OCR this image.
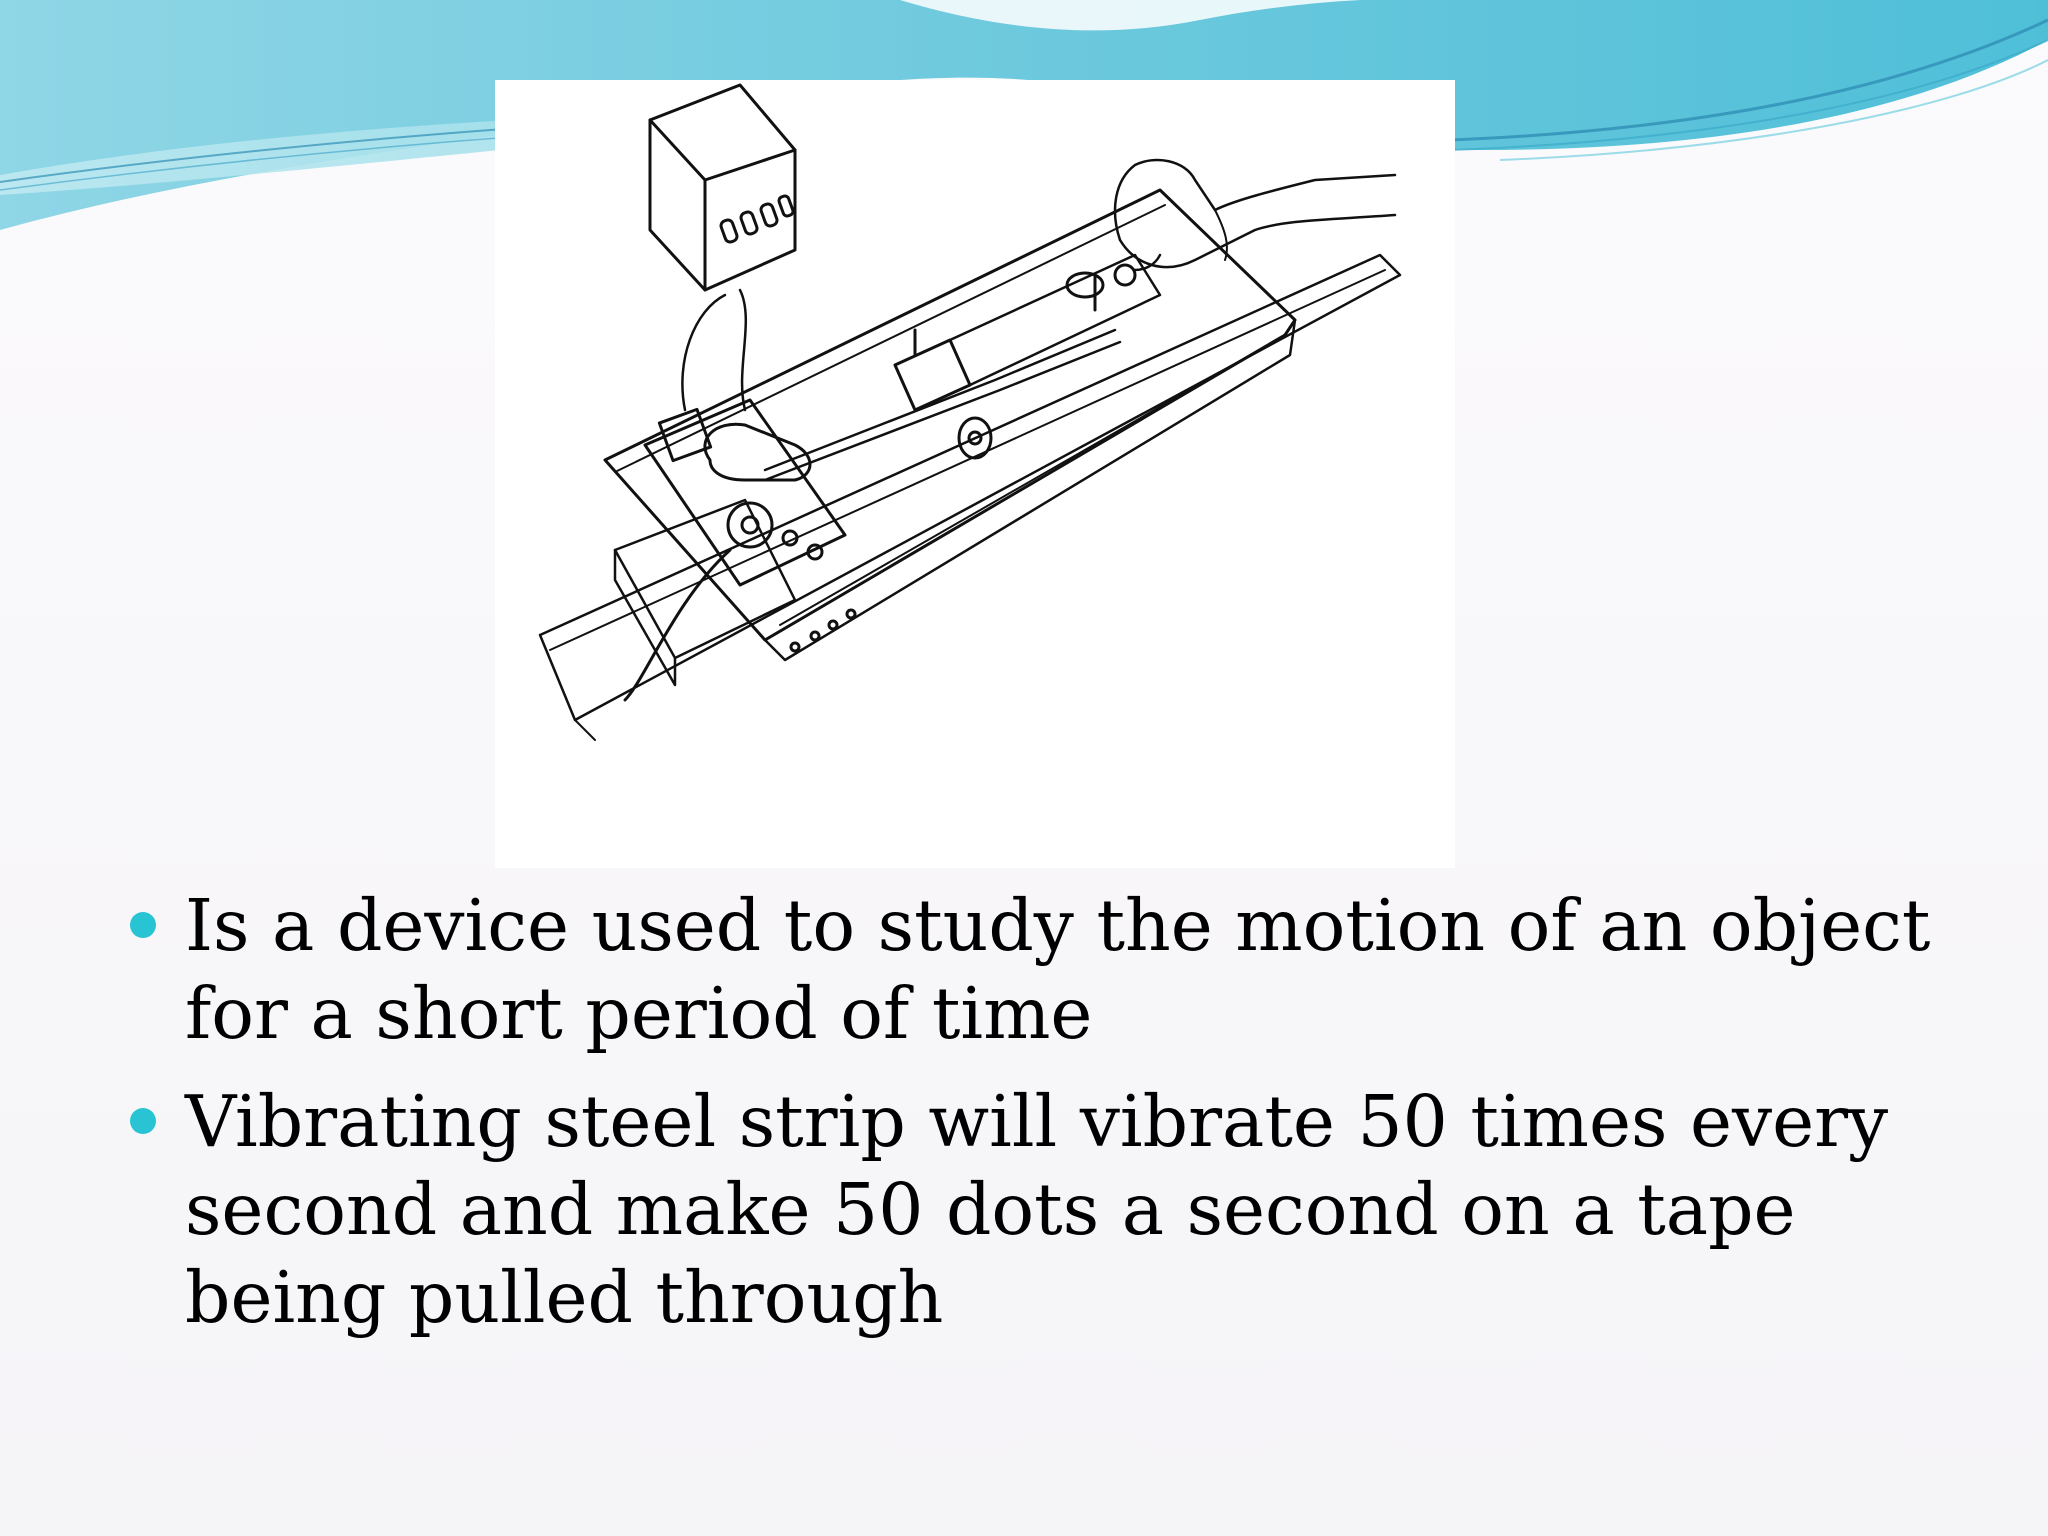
Is a device used to study the motion of an object for a short period of time
Vibrating steel strip will vibrate 50 times every second and make 50 dots a second on a tape being pulled through
